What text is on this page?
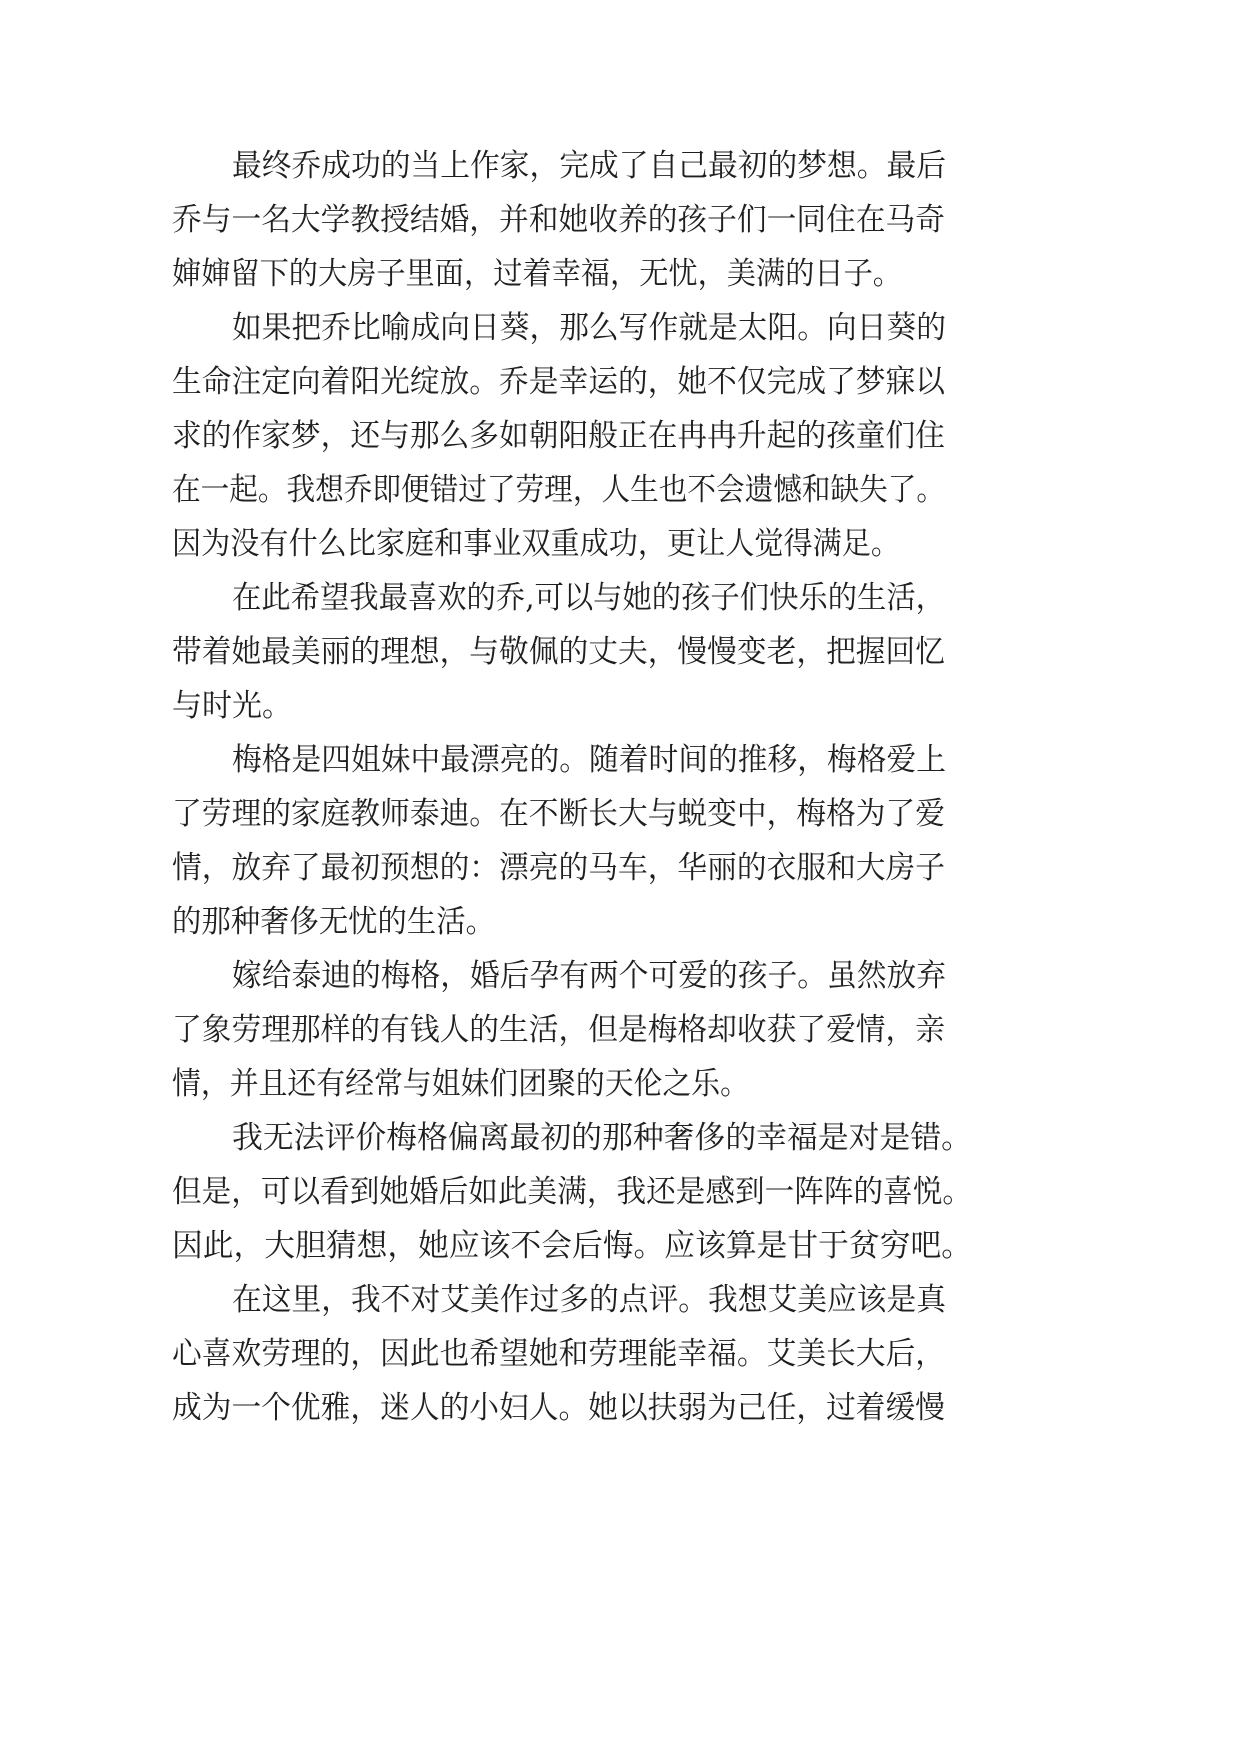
最终乔成功的当上作家，完成了自己最初的梦想。最后
乔与一名大学教授结婚，并和她收养的孩子们一同住在马奇
婶婶留下的大房子里面，过着幸福，无忧，美满的日子。
如果把乔比喻成向日葵，那么写作就是太阳。向日葵的
生命注定向着阳光绽放。乔是幸运的，她不仅完成了梦寐以
求的作家梦，还与那么多如朝阳般正在冉冉升起的孩童们住
在一起。我想乔即便错过了劳理，人生也不会遗憾和缺失了。
因为没有什么比家庭和事业双重成功，更让人觉得满足。
在此希望我最喜欢的乔,可以与她的孩子们快乐的生活，
带着她最美丽的理想，与敬佩的丈夫，慢慢变老，把握回忆
与时光。
梅格是四姐妹中最漂亮的。随着时间的推移，梅格爱上
了劳理的家庭教师泰迪。在不断长大与蜕变中，梅格为了爱
情，放弃了最初预想的：漂亮的马车，华丽的衣服和大房子
的那种奢侈无忧的生活。
嫁给泰迪的梅格，婚后孕有两个可爱的孩子。虽然放弃
了象劳理那样的有钱人的生活，但是梅格却收获了爱情，亲
情，并且还有经常与姐妹们团聚的天伦之乐。
我无法评价梅格偏离最初的那种奢侈的幸福是对是错。
但是，可以看到她婚后如此美满，我还是感到一阵阵的喜悦。
因此，大胆猜想，她应该不会后悔。应该算是甘于贫穷吧。
在这里，我不对艾美作过多的点评。我想艾美应该是真
心喜欢劳理的，因此也希望她和劳理能幸福。艾美长大后，
成为一个优雅，迷人的小妇人。她以扶弱为己任，过着缓慢
